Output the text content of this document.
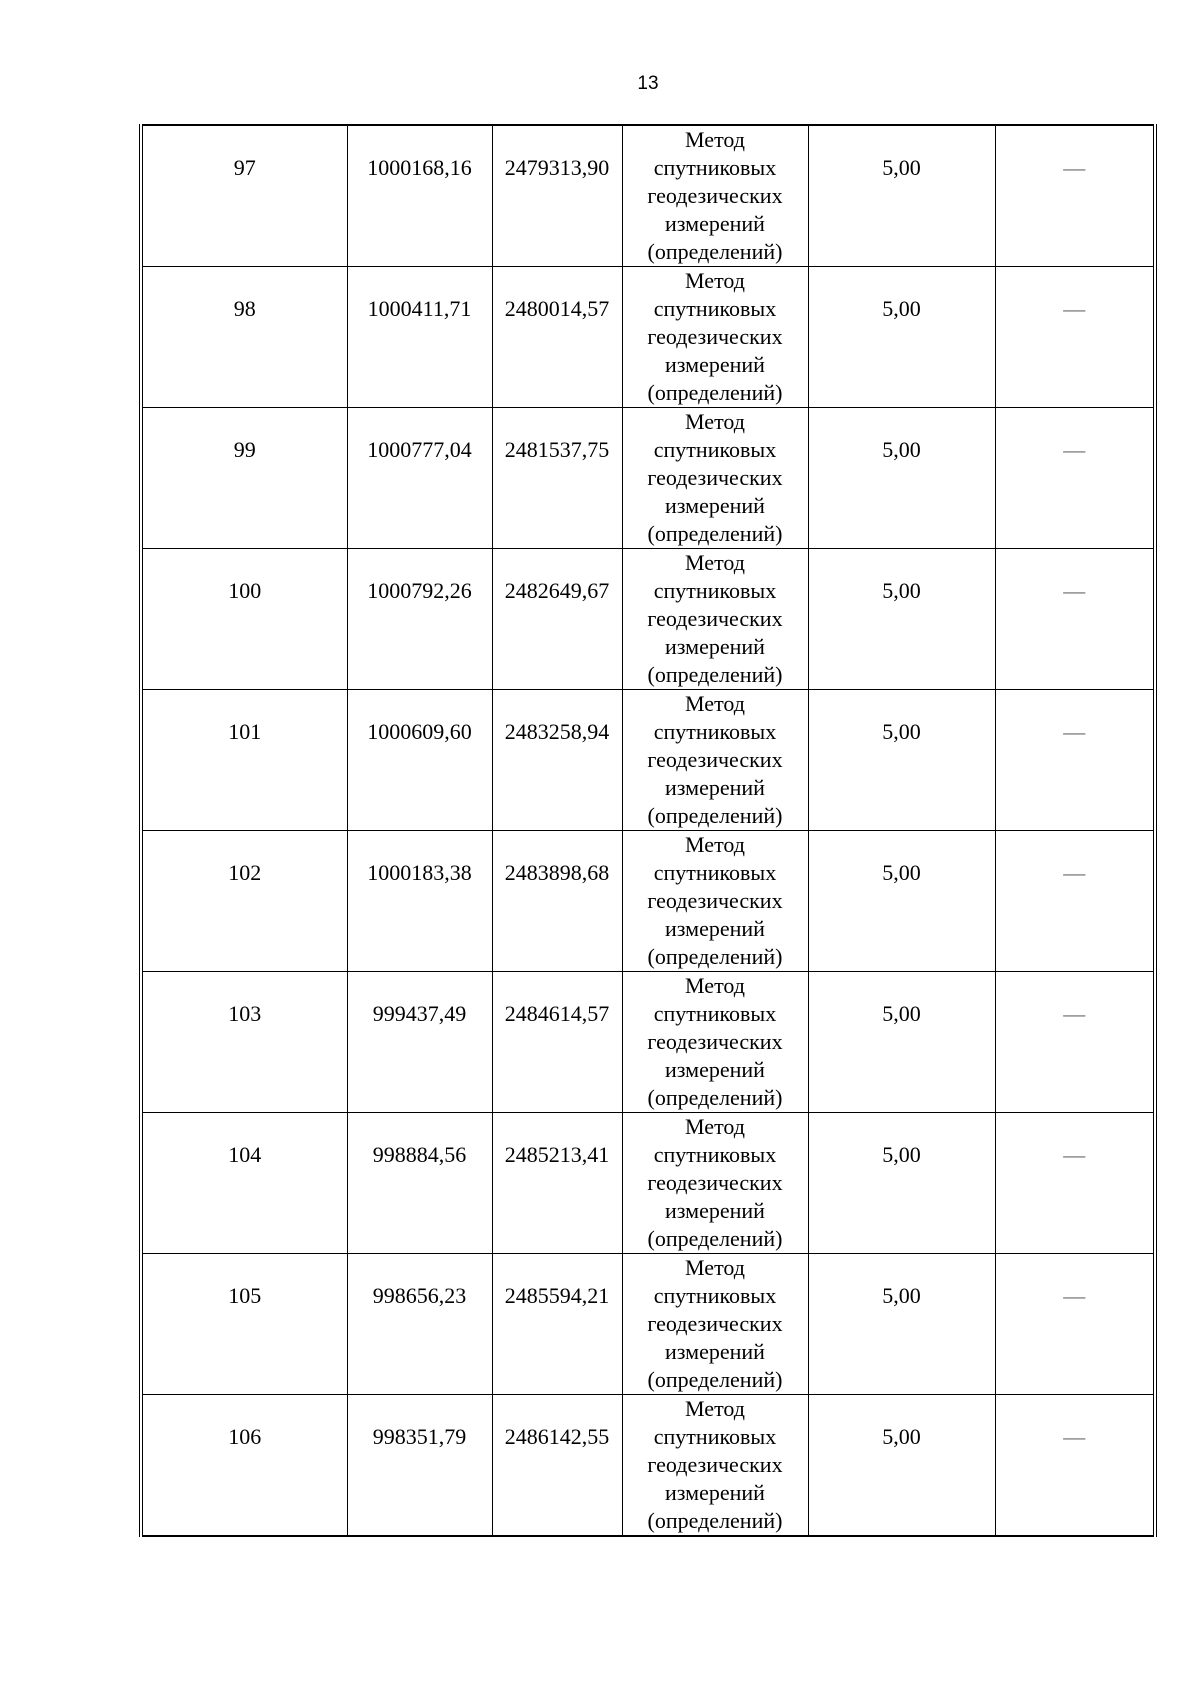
13
97	1000168,16	2479313,90	Метод спутниковых геодезических измерений (определений)	5,00	—
98	1000411,71	2480014,57	Метод спутниковых геодезических измерений (определений)	5,00	—
99	1000777,04	2481537,75	Метод спутниковых геодезических измерений (определений)	5,00	—
100	1000792,26	2482649,67	Метод спутниковых геодезических измерений (определений)	5,00	—
101	1000609,60	2483258,94	Метод спутниковых геодезических измерений (определений)	5,00	—
102	1000183,38	2483898,68	Метод спутниковых геодезических измерений (определений)	5,00	—
103	999437,49	2484614,57	Метод спутниковых геодезических измерений (определений)	5,00	—
104	998884,56	2485213,41	Метод спутниковых геодезических измерений (определений)	5,00	—
105	998656,23	2485594,21	Метод спутниковых геодезических измерений (определений)	5,00	—
106	998351,79	2486142,55	Метод спутниковых геодезических измерений (определений)	5,00	—
